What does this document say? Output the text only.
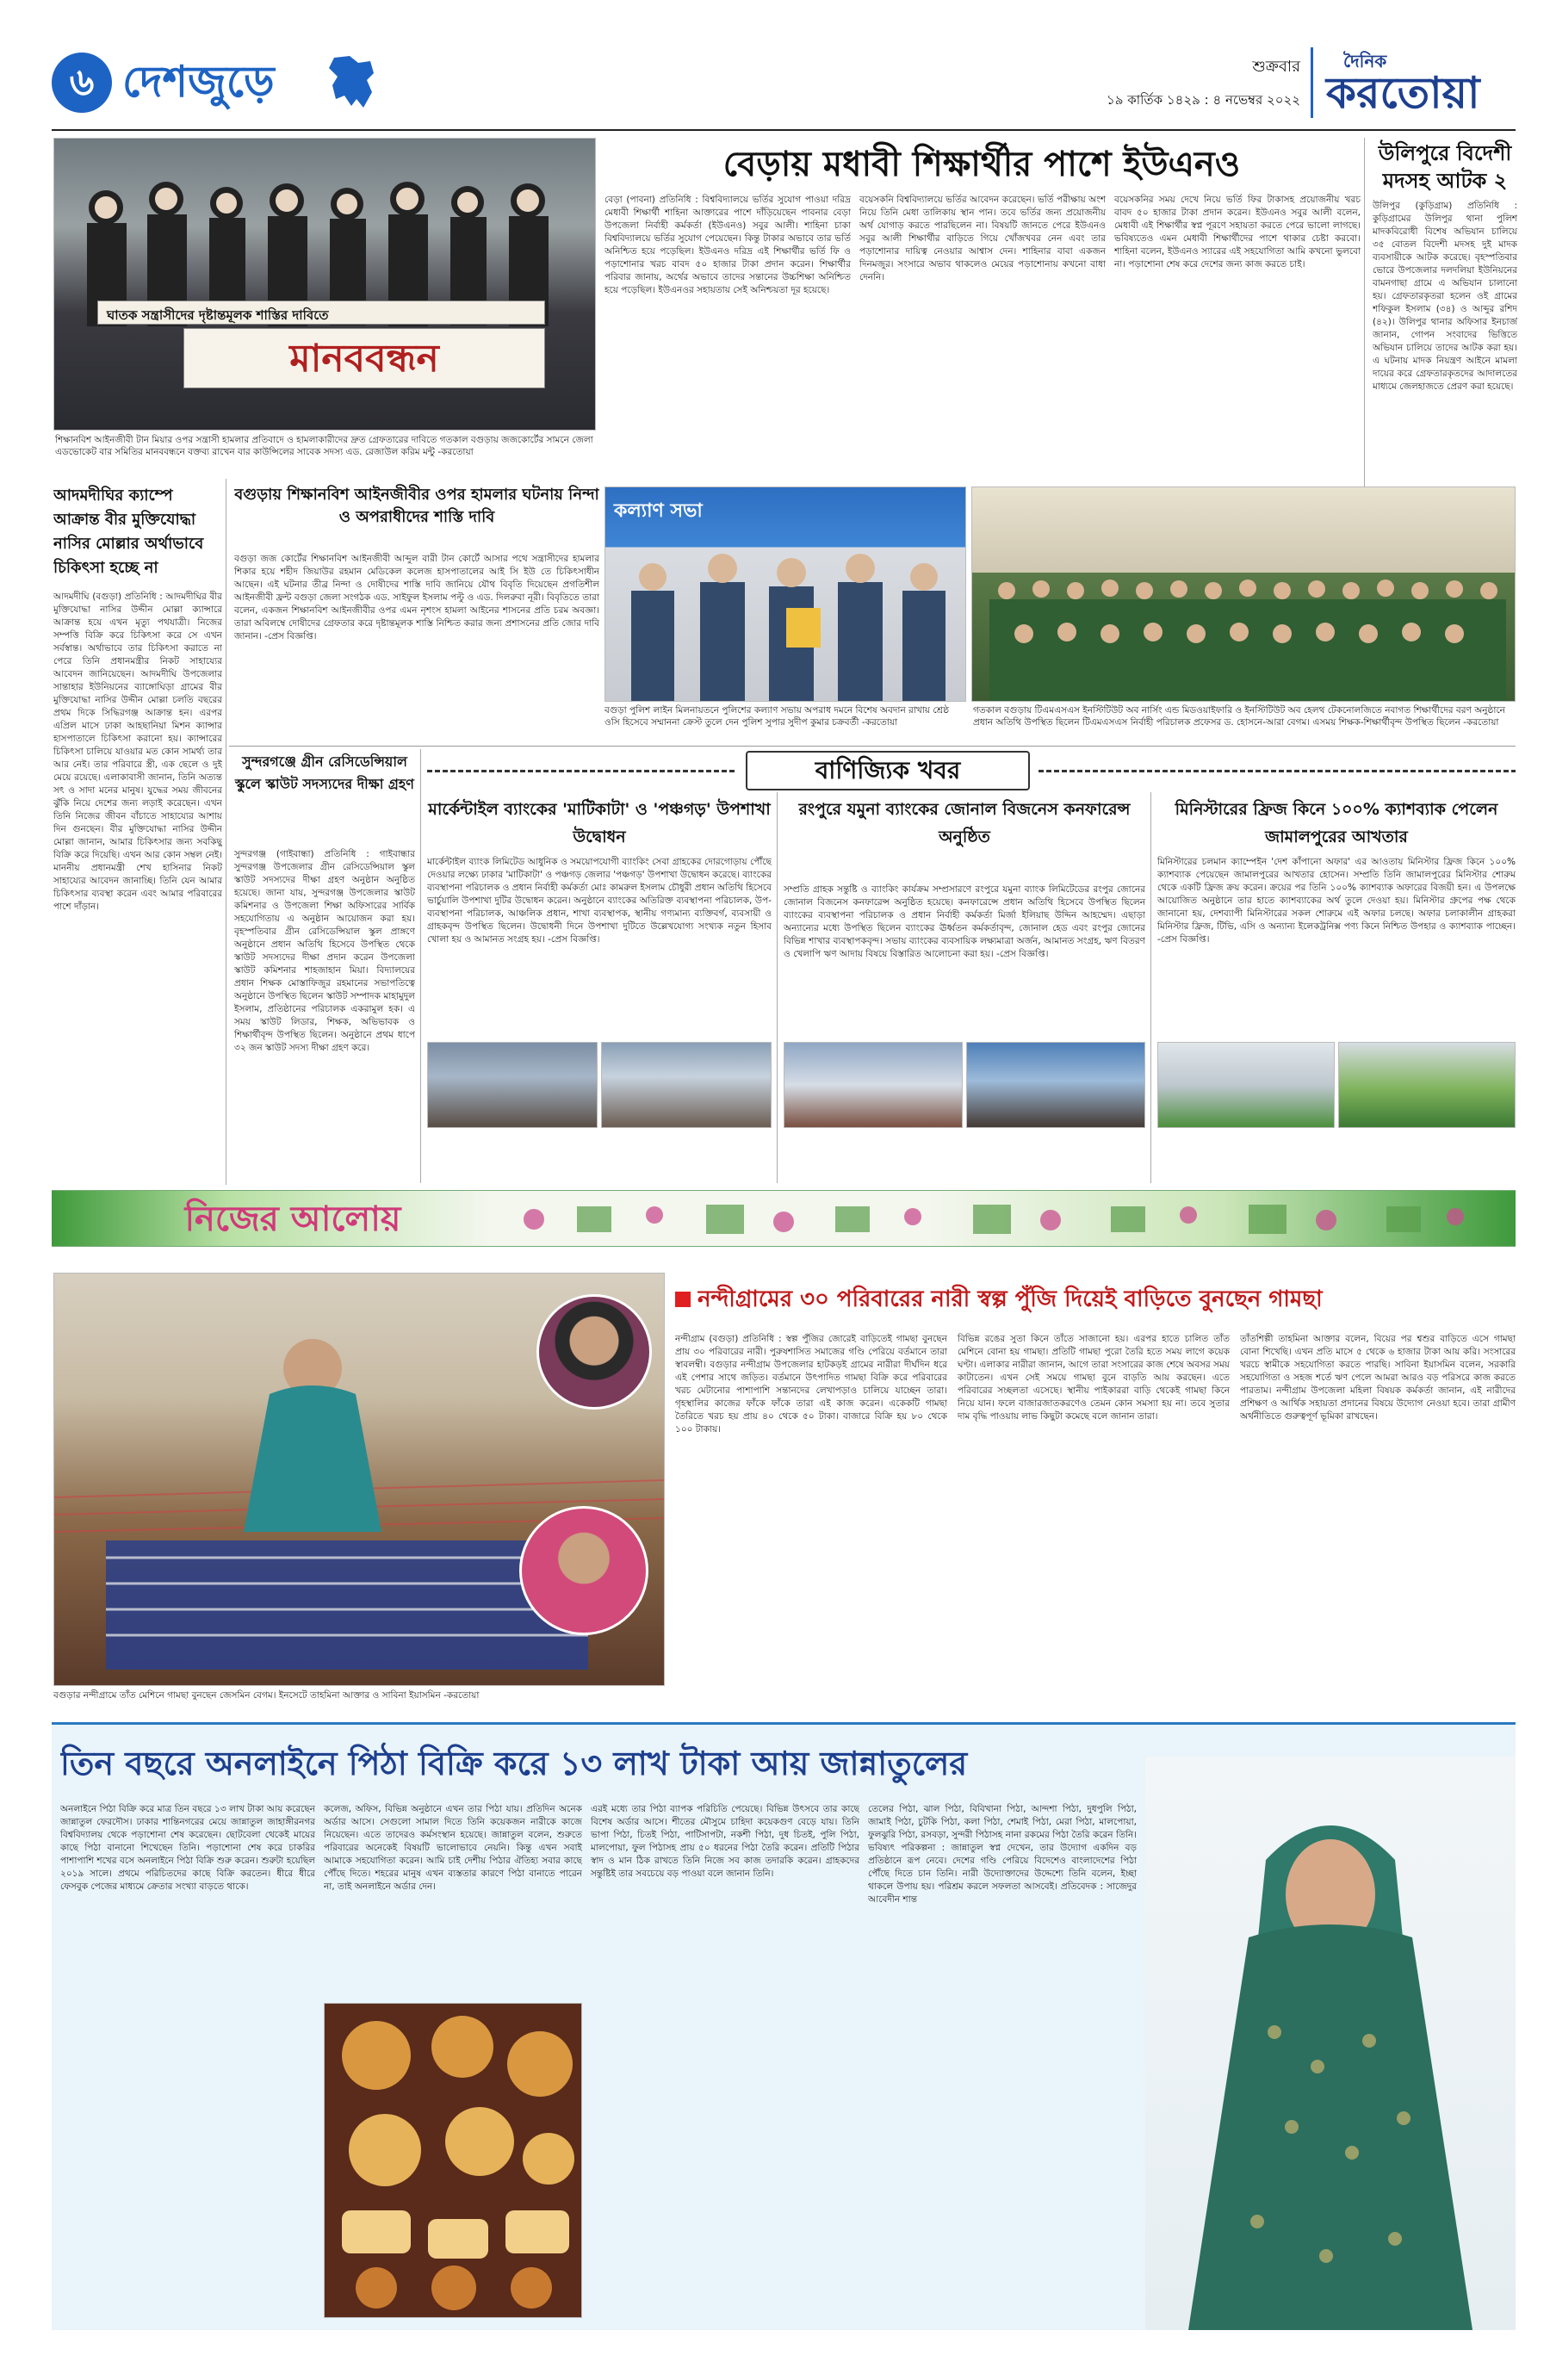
৬ দেশজুড়ে	শুক্রবার
১৯ কার্তিক ১৪২৯ : ৪ নভেম্বর ২০২২
দৈনিক
করতোয়া
ঘাতক সন্ত্রাসীদের দৃষ্টান্তমূলক শাস্তির দাবিতে
মানববন্ধন
শিক্ষানবিশ আইনজীবী টান মিয়ার ওপর সন্ত্রাসী হামলার প্রতিবাদে ও হামলাকারীদের দ্রুত গ্রেফতারের দাবিতে গতকাল বগুড়ায় জজকোর্টের সামনে জেলা এডভোকেট বার সমিতির মানববন্ধনে বক্তব্য রাখেন বার কাউন্সিলের সাবেক সদস্য এড. রেজাউল করিম মন্টু -করতোয়া
বেড়ায় মধাবী শিক্ষার্থীর পাশে ইউএনও
বেড়া (পাবনা) প্রতিনিধি : বিশ্ববিদ্যালয়ে ভর্তির সুযোগ পাওয়া দরিদ্র মেধাবী শিক্ষার্থী শাহিনা আক্তারের পাশে দাঁড়িয়েছেন পাবনার বেড়া উপজেলা নির্বাহী কর্মকর্তা (ইউএনও) সবুর আলী। শাহিনা চাকা বিশ্ববিদ্যালয়ে ভর্তির সুযোগ পেয়েছেন। কিন্তু টাকার অভাবে তার ভর্তি অনিশ্চিত হয়ে পড়েছিল। ইউএনও দরিদ্র এই শিক্ষার্থীর ভর্তি ফি ও পড়াশোনার খরচ বাবদ ৫০ হাজার টাকা প্রদান করেন। শিক্ষার্থীর পরিবার জানায়, অর্থের অভাবে তাদের সন্তানের উচ্চশিক্ষা অনিশ্চিত হয়ে পড়েছিল। ইউএনওর সহায়তায় সেই অনিশ্চয়তা দূর হয়েছে।
বয়েসকনি বিশ্ববিদ্যালয়ে ভর্তির আবেদন করেছেন। ভর্তি পরীক্ষায় অংশ নিয়ে তিনি মেধা তালিকায় স্থান পান। তবে ভর্তির জন্য প্রয়োজনীয় অর্থ যোগাড় করতে পারছিলেন না। বিষয়টি জানতে পেরে ইউএনও সবুর আলী শিক্ষার্থীর বাড়িতে গিয়ে খোঁজখবর নেন এবং তার পড়াশোনার দায়িত্ব নেওয়ার আশ্বাস দেন। শাহিনার বাবা একজন দিনমজুর। সংসারে অভাব থাকলেও মেয়ের পড়াশোনায় কখনো বাধা দেননি।
বয়েসকনির সময় দেখে নিয়ে ভর্তি ফির টাকাসহ প্রয়োজনীয় খরচ বাবদ ৫০ হাজার টাকা প্রদান করেন। ইউএনও সবুর আলী বলেন, মেধাবী এই শিক্ষার্থীর স্বপ্ন পূরণে সহায়তা করতে পেরে ভালো লাগছে। ভবিষ্যতেও এমন মেধাবী শিক্ষার্থীদের পাশে থাকার চেষ্টা করবো। শাহিনা বলেন, ইউএনও স্যারের এই সহযোগিতা আমি কখনো ভুলবো না। পড়াশোনা শেষ করে দেশের জন্য কাজ করতে চাই।
উলিপুরে বিদেশী মদসহ আটক ২
উলিপুর (কুড়িগ্রাম) প্রতিনিধি : কুড়িগ্রামের উলিপুর থানা পুলিশ মাদকবিরোধী বিশেষ অভিযান চালিয়ে ৩৫ বোতল বিদেশী মদসহ দুই মাদক ব্যবসায়ীকে আটক করেছে। বৃহস্পতিবার ভোরে উপজেলার দলদলিয়া ইউনিয়নের বামনগাছা গ্রামে এ অভিযান চালানো হয়। গ্রেফতারকৃতরা হলেন ওই গ্রামের শফিকুল ইসলাম (৩৪) ও আব্দুর রশিদ (৪২)। উলিপুর থানার অফিসার ইনচার্জ জানান, গোপন সংবাদের ভিত্তিতে অভিযান চালিয়ে তাদের আটক করা হয়। এ ঘটনায় মাদক নিয়ন্ত্রণ আইনে মামলা দায়ের করে গ্রেফতারকৃতদের আদালতের মাধ্যমে জেলহাজতে প্রেরণ করা হয়েছে।
কল্যাণ সভা
বগুড়া পুলিশ লাইন মিলনায়তনে পুলিশের কল্যাণ সভায় অপরাধ দমনে বিশেষ অবদান রাখায় শ্রেষ্ঠ ওসি হিসেবে সম্মাননা ক্রেস্ট তুলে দেন পুলিশ সুপার সুদীপ কুমার চক্রবর্তী -করতোয়া
গতকাল বগুড়ায় টিএমএসএস ইনস্টিটিউট অব নার্সিং এন্ড মিডওয়াইফারি ও ইনস্টিটিউট অব হেলথ টেকনোলজিতে নবাগত শিক্ষার্থীদের বরণ অনুষ্ঠানে প্রধান অতিথি উপস্থিত ছিলেন টিএমএসএস নির্বাহী পরিচালক প্রফেসর ড. হোসনে-আরা বেগম। এসময় শিক্ষক-শিক্ষার্থীবৃন্দ উপস্থিত ছিলেন -করতোয়া
আদমদীঘির ক্যাম্পে আক্রান্ত বীর মুক্তিযোদ্ধা নাসির মোল্লার অর্থাভাবে চিকিৎসা হচ্ছে না
আদমদীঘি (বগুড়া) প্রতিনিধি : আদমদীঘির বীর মুক্তিযোদ্ধা নাসির উদ্দীন মোল্লা ক্যান্সারে আক্রান্ত হয়ে এখন মৃত্যু পথযাত্রী। নিজের সম্পত্তি বিক্রি করে চিকিৎসা করে সে এখন সর্বস্বান্ত। অর্থাভাবে তার চিকিৎসা করাতে না পেরে তিনি প্রধানমন্ত্রীর নিকট সাহায্যের আবেদন জানিয়েছেন। আদমদীঘি উপজেলার সান্তাহার ইউনিয়নের ব্যাঙ্গোঘিড়া গ্রামের বীর মুক্তিযোদ্ধা নাসির উদ্দীন মোল্লা চলতি বছরের প্রথম দিকে সিদ্ধিরগঞ্জ আক্রান্ত হন। এরপর এপ্রিল মাসে ঢাকা আহছানিয়া মিশন ক্যান্সার হাসপাতালে চিকিৎসা করানো হয়। ক্যান্সারের চিকিৎসা চালিয়ে যাওয়ার মত কোন সামর্থ্য তার আর নেই। তার পরিবারে স্ত্রী, এক ছেলে ও দুই মেয়ে রয়েছে। এলাকাবাসী জানান, তিনি অত্যন্ত সৎ ও সাদা মনের মানুষ। যুদ্ধের সময় জীবনের ঝুঁকি নিয়ে দেশের জন্য লড়াই করেছেন। এখন তিনি নিজের জীবন বাঁচাতে সাহায্যের আশায় দিন গুনছেন। বীর মুক্তিযোদ্ধা নাসির উদ্দীন মোল্লা জানান, আমার চিকিৎসার জন্য সবকিছু বিক্রি করে দিয়েছি। এখন আর কোন সম্বল নেই। মাননীয় প্রধানমন্ত্রী শেখ হাসিনার নিকট সাহায্যের আবেদন জানাচ্ছি। তিনি যেন আমার চিকিৎসার ব্যবস্থা করেন এবং আমার পরিবারের পাশে দাঁড়ান।
বগুড়ায় শিক্ষানবিশ আইনজীবীর ওপর হামলার ঘটনায় নিন্দা ও অপরাধীদের শাস্তি দাবি
বগুড়া জজ কোর্টের শিক্ষানবিশ আইনজীবী আব্দুল বারী টান কোর্টে আসার পথে সন্ত্রাসীদের হামলার শিকার হয়ে শহীদ জিয়াউর রহমান মেডিকেল কলেজ হাসপাতালের আই সি ইউ তে চিকিৎসাধীন আছেন। এই ঘটনার তীব্র নিন্দা ও দোষীদের শাস্তি দাবি জানিয়ে যৌথ বিবৃতি দিয়েছেন প্রগতিশীল আইনজীবী ফ্রন্ট বগুড়া জেলা সংগঠক এড. সাইফুল ইসলাম পল্টু ও এড. দিলরুবা নূরী। বিবৃতিতে তারা বলেন, একজন শিক্ষানবিশ আইনজীবীর ওপর এমন নৃশংস হামলা আইনের শাসনের প্রতি চরম অবজ্ঞা। তারা অবিলম্বে দোষীদের গ্রেফতার করে দৃষ্টান্তমূলক শাস্তি নিশ্চিত করার জন্য প্রশাসনের প্রতি জোর দাবি জানান। -প্রেস বিজ্ঞপ্তি।
সুন্দরগঞ্জে গ্রীন রেসিডেন্সিয়াল স্কুলে স্কাউট সদস্যদের দীক্ষা গ্রহণ
সুন্দরগঞ্জ (গাইবান্ধা) প্রতিনিধি : গাইবান্ধার সুন্দরগঞ্জ উপজেলার গ্রীন রেসিডেন্সিয়াল স্কুল স্কাউট সদস্যদের দীক্ষা গ্রহণ অনুষ্ঠান অনুষ্ঠিত হয়েছে। জানা যায়, সুন্দরগঞ্জ উপজেলার স্কাউট কমিশনার ও উপজেলা শিক্ষা অফিসারের সার্বিক সহযোগিতায় এ অনুষ্ঠান আয়োজন করা হয়। বৃহস্পতিবার গ্রীন রেসিডেন্সিয়াল স্কুল প্রাঙ্গণে অনুষ্ঠানে প্রধান অতিথি হিসেবে উপস্থিত থেকে স্কাউট সদস্যদের দীক্ষা প্রদান করেন উপজেলা স্কাউট কমিশনার শাহজাহান মিয়া। বিদ্যালয়ের প্রধান শিক্ষক মোস্তাফিজুর রহমানের সভাপতিত্বে অনুষ্ঠানে উপস্থিত ছিলেন স্কাউট সম্পাদক মাহামুদুল ইসলাম, প্রতিষ্ঠানের পরিচালক একরামুল হক। এ সময় স্কাউট লিডার, শিক্ষক, অভিভাবক ও শিক্ষার্থীবৃন্দ উপস্থিত ছিলেন। অনুষ্ঠানে প্রথম ধাপে ৩২ জন স্কাউট সদস্য দীক্ষা গ্রহণ করে।
বাণিজ্যিক খবর
মার্কেন্টাইল ব্যাংকের 'মাটিকাটা' ও 'পঞ্চগড়' উপশাখা উদ্বোধন
মার্কেন্টাইল ব্যাংক লিমিটেড আধুনিক ও সময়োপযোগী ব্যাংকিং সেবা গ্রাহকের দোরগোড়ায় পৌঁছে দেওয়ার লক্ষ্যে ঢাকার 'মাটিকাটা' ও পঞ্চগড় জেলার 'পঞ্চগড়' উপশাখা উদ্বোধন করেছে। ব্যাংকের ব্যবস্থাপনা পরিচালক ও প্রধান নির্বাহী কর্মকর্তা মোঃ কামরুল ইসলাম চৌধুরী প্রধান অতিথি হিসেবে ভার্চুয়ালি উপশাখা দুটির উদ্বোধন করেন। অনুষ্ঠানে ব্যাংকের অতিরিক্ত ব্যবস্থাপনা পরিচালক, উপ-ব্যবস্থাপনা পরিচালক, আঞ্চলিক প্রধান, শাখা ব্যবস্থাপক, স্থানীয় গণ্যমান্য ব্যক্তিবর্গ, ব্যবসায়ী ও গ্রাহকবৃন্দ উপস্থিত ছিলেন। উদ্বোধনী দিনে উপশাখা দুটিতে উল্লেখযোগ্য সংখ্যক নতুন হিসাব খোলা হয় ও আমানত সংগ্রহ হয়। -প্রেস বিজ্ঞপ্তি।
রংপুরে যমুনা ব্যাংকের জোনাল বিজনেস কনফারেন্স অনুষ্ঠিত
সম্প্রতি গ্রাহক সন্তুষ্টি ও ব্যাংকিং কার্যক্রম সম্প্রসারণে রংপুরে যমুনা ব্যাংক লিমিটেডের রংপুর জোনের জোনাল বিজনেস কনফারেন্স অনুষ্ঠিত হয়েছে। কনফারেন্সে প্রধান অতিথি হিসেবে উপস্থিত ছিলেন ব্যাংকের ব্যবস্থাপনা পরিচালক ও প্রধান নির্বাহী কর্মকর্তা মির্জা ইলিয়াছ উদ্দিন আহম্মেদ। এছাড়া অন্যান্যের মধ্যে উপস্থিত ছিলেন ব্যাংকের ঊর্ধ্বতন কর্মকর্তাবৃন্দ, জোনাল হেড এবং রংপুর জোনের বিভিন্ন শাখার ব্যবস্থাপকবৃন্দ। সভায় ব্যাংকের ব্যবসায়িক লক্ষ্যমাত্রা অর্জন, আমানত সংগ্রহ, ঋণ বিতরণ ও খেলাপি ঋণ আদায় বিষয়ে বিস্তারিত আলোচনা করা হয়। -প্রেস বিজ্ঞপ্তি।
মিনিস্টারের ফ্রিজ কিনে ১০০% ক্যাশব্যাক পেলেন জামালপুরের আখতার
মিনিস্টারের চলমান ক্যাম্পেইন 'দেশ কাঁপানো অফার' এর আওতায় মিনিস্টার ফ্রিজ কিনে ১০০% ক্যাশব্যাক পেয়েছেন জামালপুরের আখতার হোসেন। সম্প্রতি তিনি জামালপুরের মিনিস্টার শোরুম থেকে একটি ফ্রিজ ক্রয় করেন। ক্রয়ের পর তিনি ১০০% ক্যাশব্যাক অফারের বিজয়ী হন। এ উপলক্ষে আয়োজিত অনুষ্ঠানে তার হাতে ক্যাশব্যাকের অর্থ তুলে দেওয়া হয়। মিনিস্টার গ্রুপের পক্ষ থেকে জানানো হয়, দেশব্যাপী মিনিস্টারের সকল শোরুমে এই অফার চলছে। অফার চলাকালীন গ্রাহকরা মিনিস্টার ফ্রিজ, টিভি, এসি ও অন্যান্য ইলেকট্রনিক্স পণ্য কিনে নিশ্চিত উপহার ও ক্যাশব্যাক পাচ্ছেন। -প্রেস বিজ্ঞপ্তি।
নিজের আলোয়
বগুড়ার নন্দীগ্রামে তাঁত মেশিনে গামছা বুনছেন জেসমিন বেগম। ইনসেটে তাহমিনা আক্তার ও সাবিনা ইয়াসমিন -করতোয়া
নন্দীগ্রামের ৩০ পরিবারের নারী স্বল্প পুঁজি দিয়েই বাড়িতে বুনছেন গামছা
নন্দীগ্রাম (বগুড়া) প্রতিনিধি : স্বল্প পুঁজির জোরেই বাড়িতেই গামছা বুনছেন প্রায় ৩০ পরিবারের নারী। পুরুষশাসিত সমাজের গণ্ডি পেরিয়ে বর্তমানে তারা স্বাবলম্বী। বগুড়ার নন্দীগ্রাম উপজেলার হাটকড়ই গ্রামের নারীরা দীর্ঘদিন ধরে এই পেশার সাথে জড়িত। বর্তমানে উৎপাদিত গামছা বিক্রি করে পরিবারের খরচ মেটানোর পাশাপাশি সন্তানদের লেখাপড়াও চালিয়ে যাচ্ছেন তারা। গৃহস্থালির কাজের ফাঁকে ফাঁকে তারা এই কাজ করেন। একেকটি গামছা তৈরিতে খরচ হয় প্রায় ৪০ থেকে ৫০ টাকা। বাজারে বিক্রি হয় ৮০ থেকে ১০০ টাকায়।
বিভিন্ন রঙের সুতা কিনে তাঁতে সাজানো হয়। এরপর হাতে চালিত তাঁত মেশিনে বোনা হয় গামছা। প্রতিটি গামছা পুরো তৈরি হতে সময় লাগে কয়েক ঘণ্টা। এলাকার নারীরা জানান, আগে তারা সংসারের কাজ শেষে অবসর সময় কাটাতেন। এখন সেই সময়ে গামছা বুনে বাড়তি আয় করছেন। এতে পরিবারের সচ্ছলতা এসেছে। স্থানীয় পাইকাররা বাড়ি থেকেই গামছা কিনে নিয়ে যান। ফলে বাজারজাতকরণেও তেমন কোন সমস্যা হয় না। তবে সুতার দাম বৃদ্ধি পাওয়ায় লাভ কিছুটা কমেছে বলে জানান তারা।
তাঁতশিল্পী তাহমিনা আক্তার বলেন, বিয়ের পর শ্বশুর বাড়িতে এসে গামছা বোনা শিখেছি। এখন প্রতি মাসে ৫ থেকে ৬ হাজার টাকা আয় করি। সংসারের খরচে স্বামীকে সহযোগিতা করতে পারছি। সাবিনা ইয়াসমিন বলেন, সরকারি সহযোগিতা ও সহজ শর্তে ঋণ পেলে আমরা আরও বড় পরিসরে কাজ করতে পারতাম। নন্দীগ্রাম উপজেলা মহিলা বিষয়ক কর্মকর্তা জানান, এই নারীদের প্রশিক্ষণ ও আর্থিক সহায়তা প্রদানের বিষয়ে উদ্যোগ নেওয়া হবে। তারা গ্রামীণ অর্থনীতিতে গুরুত্বপূর্ণ ভূমিকা রাখছেন।
তিন বছরে অনলাইনে পিঠা বিক্রি করে ১৩ লাখ টাকা আয় জান্নাতুলের
অনলাইনে পিঠা বিক্রি করে মাত্র তিন বছরে ১৩ লাখ টাকা আয় করেছেন জান্নাতুল ফেরদৌস। ঢাকার শান্তিনগরের মেয়ে জান্নাতুল জাহাঙ্গীরনগর বিশ্ববিদ্যালয় থেকে পড়াশোনা শেষ করেছেন। ছোটবেলা থেকেই মায়ের কাছে পিঠা বানানো শিখেছেন তিনি। পড়াশোনা শেষ করে চাকরির পাশাপাশি শখের বসে অনলাইনে পিঠা বিক্রি শুরু করেন। শুরুটা হয়েছিল ২০১৯ সালে। প্রথমে পরিচিতদের কাছে বিক্রি করতেন। ধীরে ধীরে ফেসবুক পেজের মাধ্যমে ক্রেতার সংখ্যা বাড়তে থাকে।
কলেজ, অফিস, বিভিন্ন অনুষ্ঠানে এখন তার পিঠা যায়। প্রতিদিন অনেক অর্ডার আসে। সেগুলো সামাল দিতে তিনি কয়েকজন নারীকে কাজে নিয়েছেন। এতে তাদেরও কর্মসংস্থান হয়েছে। জান্নাতুল বলেন, শুরুতে পরিবারের অনেকেই বিষয়টি ভালোভাবে নেয়নি। কিন্তু এখন সবাই আমাকে সহযোগিতা করেন। আমি চাই দেশীয় পিঠার ঐতিহ্য সবার কাছে পৌঁছে দিতে। শহরের মানুষ এখন ব্যস্ততার কারণে পিঠা বানাতে পারেন না, তাই অনলাইনে অর্ডার দেন।
এরই মধ্যে তার পিঠা ব্যাপক পরিচিতি পেয়েছে। বিভিন্ন উৎসবে তার কাছে বিশেষ অর্ডার আসে। শীতের মৌসুমে চাহিদা কয়েকগুণ বেড়ে যায়। তিনি ভাপা পিঠা, চিতই পিঠা, পাটিসাপটা, নকশী পিঠা, দুধ চিতই, পুলি পিঠা, মালপোয়া, ফুল পিঠাসহ প্রায় ৫০ ধরনের পিঠা তৈরি করেন। প্রতিটি পিঠার স্বাদ ও মান ঠিক রাখতে তিনি নিজে সব কাজ তদারকি করেন। গ্রাহকদের সন্তুষ্টিই তার সবচেয়ে বড় পাওয়া বলে জানান তিনি।
তেলের পিঠা, ঝাল পিঠা, বিবিখানা পিঠা, আন্দশা পিঠা, দুধপুলি পিঠা, জামাই পিঠা, চুটকি পিঠা, কলা পিঠা, শেমাই পিঠা, মেরা পিঠা, মালপোয়া, ফুলঝুরি পিঠা, রসবড়া, সুন্দরী পিঠাসহ নানা রকমের পিঠা তৈরি করেন তিনি। ভবিষ্যৎ পরিকল্পনা : জান্নাতুল স্বপ্ন দেখেন, তার উদ্যোগ একদিন বড় প্রতিষ্ঠানে রূপ নেবে। দেশের গণ্ডি পেরিয়ে বিদেশেও বাংলাদেশের পিঠা পৌঁছে দিতে চান তিনি। নারী উদ্যোক্তাদের উদ্দেশ্যে তিনি বলেন, ইচ্ছা থাকলে উপায় হয়। পরিশ্রম করলে সফলতা আসবেই। প্রতিবেদক : সাজেদুর আবেদীন শান্ত
